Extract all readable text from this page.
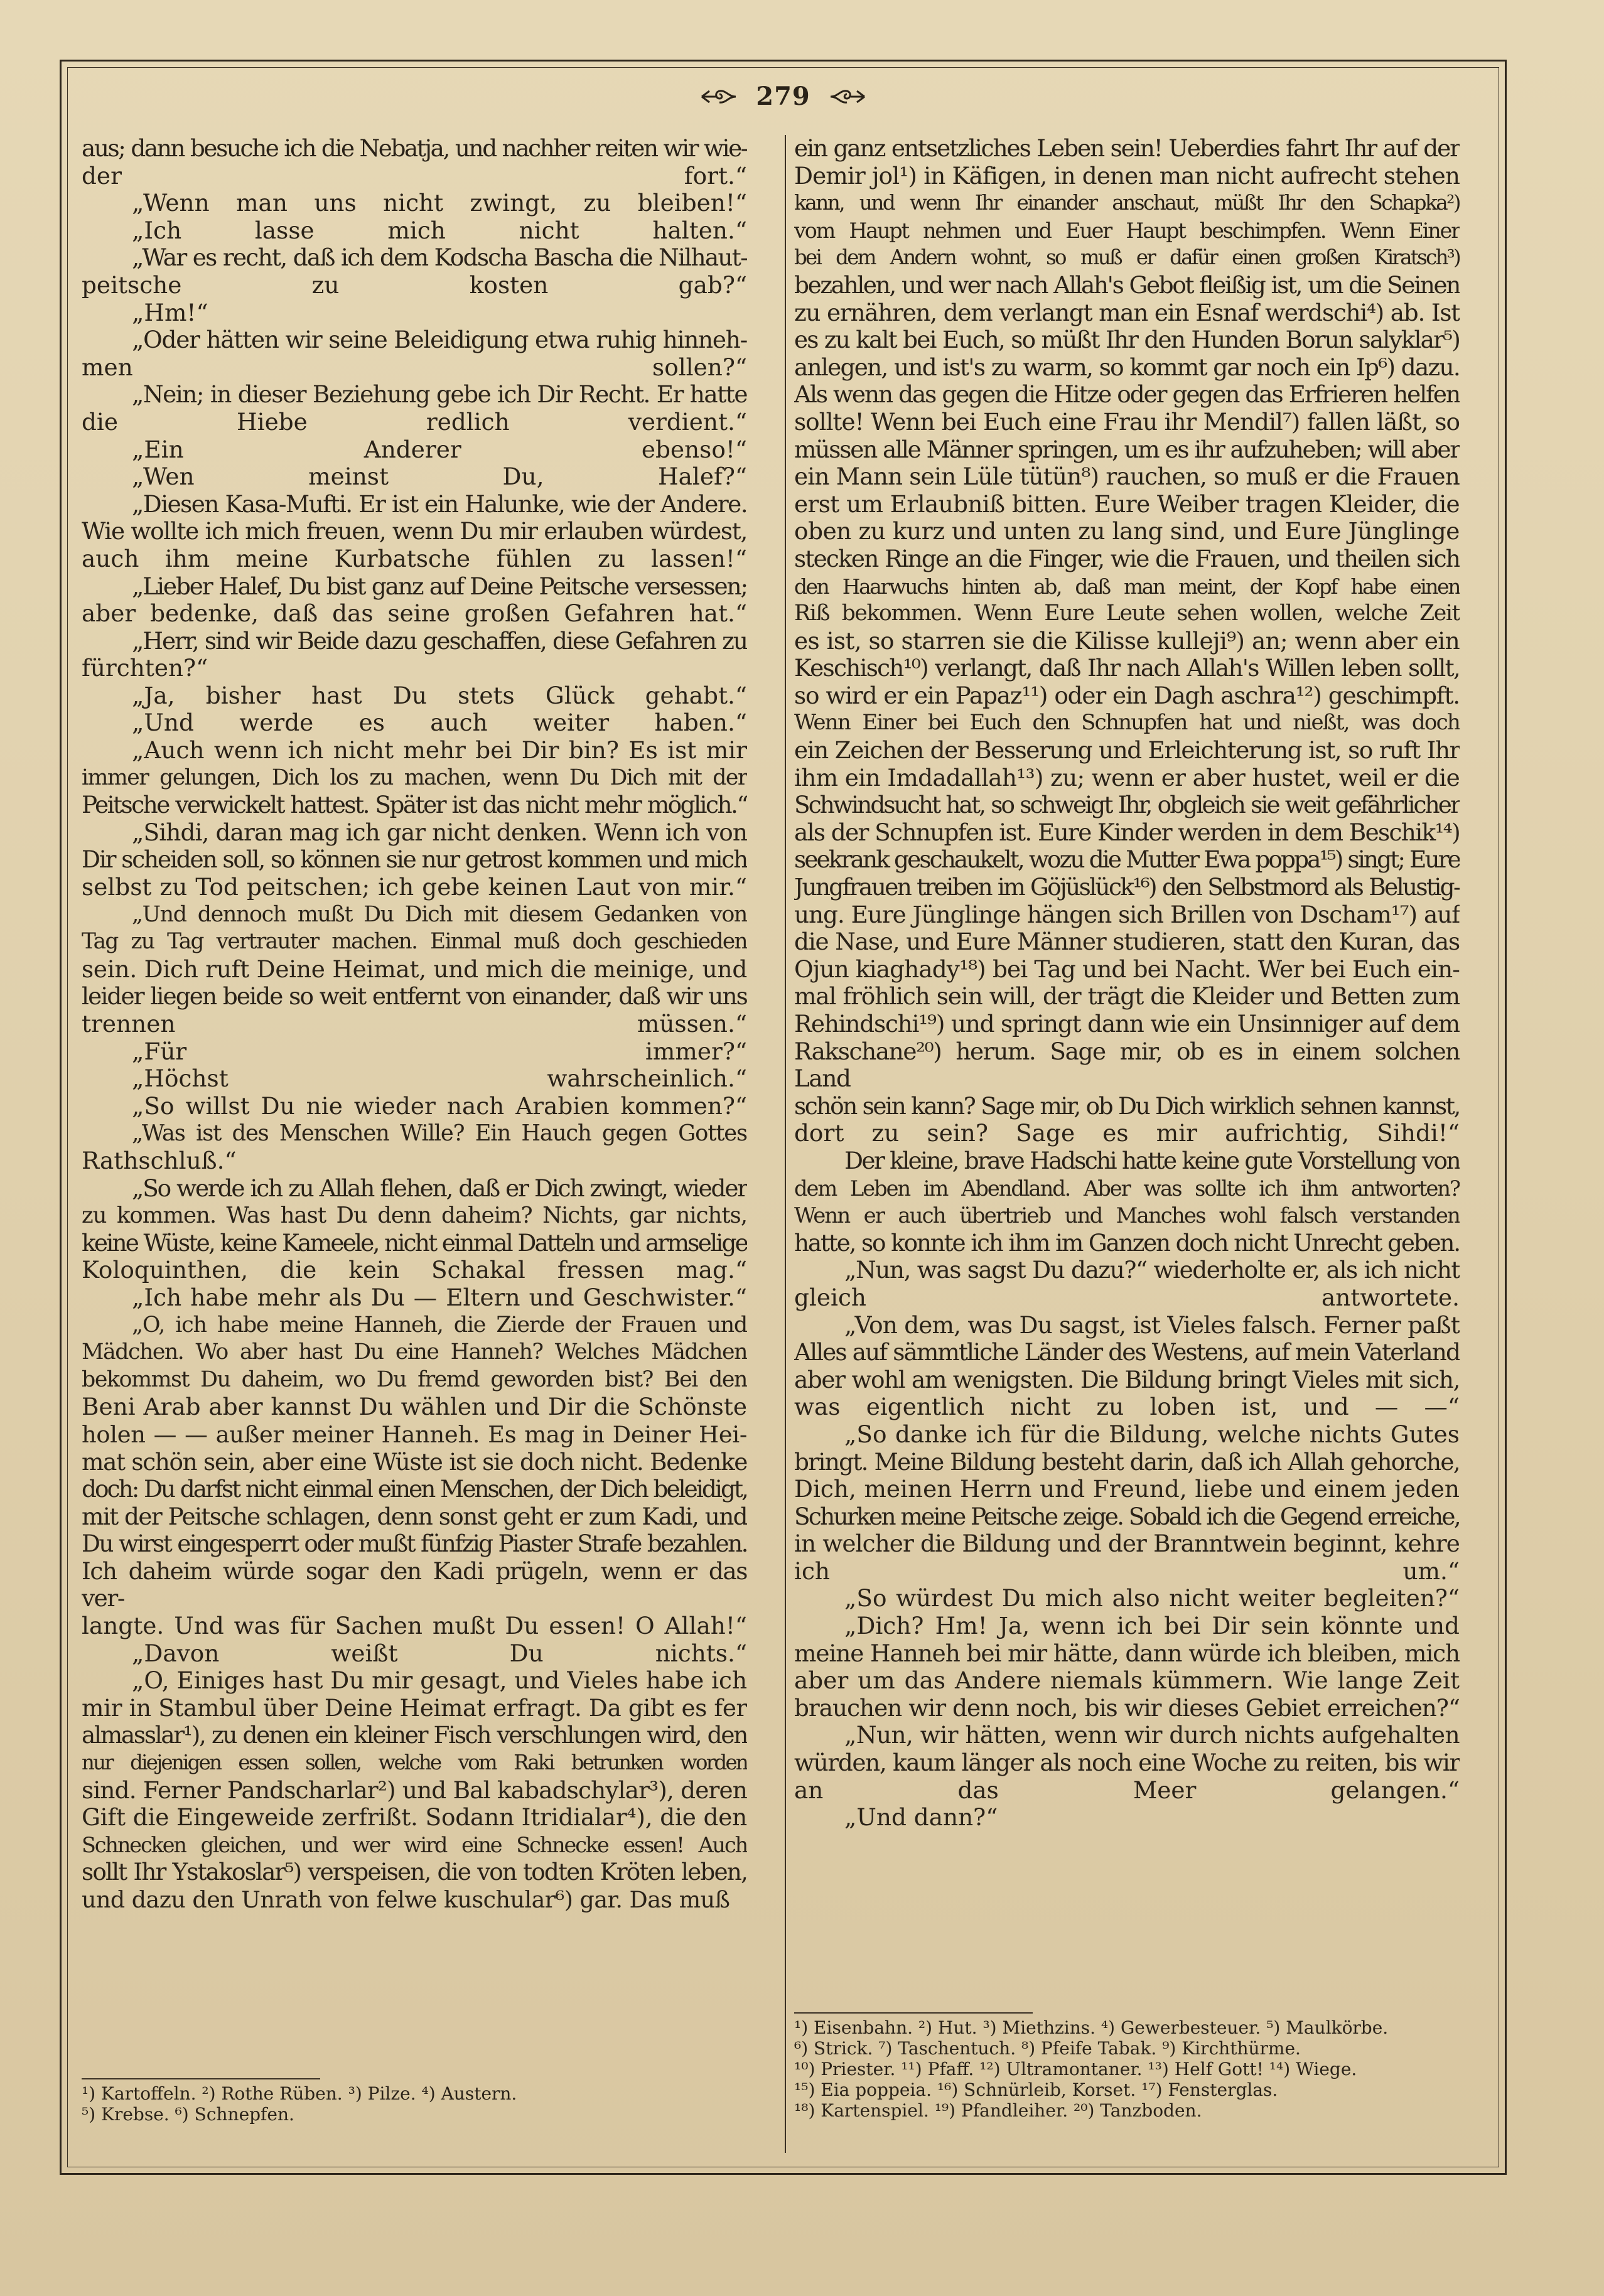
279

aus; dann besuche ich die Nebatja, und nachher reiten wir wie-

der fort.“

„Wenn man uns nicht zwingt, zu bleiben!“

„Ich lasse mich nicht halten.“

„War es recht, daß ich dem Kodscha Bascha die Nilhaut-

peitsche zu kosten gab?“

„Hm!“

„Oder hätten wir seine Beleidigung etwa ruhig hinneh-

men sollen?“

„Nein; in dieser Beziehung gebe ich Dir Recht. Er hatte

die Hiebe redlich verdient.“

„Ein Anderer ebenso!“

„Wen meinst Du, Halef?“

„Diesen Kasa-Mufti. Er ist ein Halunke, wie der Andere.

Wie wollte ich mich freuen, wenn Du mir erlauben würdest,

auch ihm meine Kurbatsche fühlen zu lassen!“

„Lieber Halef, Du bist ganz auf Deine Peitsche versessen;

aber bedenke, daß das seine großen Gefahren hat.“

„Herr, sind wir Beide dazu geschaffen, diese Gefahren zu

fürchten?“

„Ja, bisher hast Du stets Glück gehabt.“

„Und werde es auch weiter haben.“

„Auch wenn ich nicht mehr bei Dir bin? Es ist mir

immer gelungen, Dich los zu machen, wenn Du Dich mit der

Peitsche verwickelt hattest. Später ist das nicht mehr möglich.“

„Sihdi, daran mag ich gar nicht denken. Wenn ich von

Dir scheiden soll, so können sie nur getrost kommen und mich

selbst zu Tod peitschen; ich gebe keinen Laut von mir.“

„Und dennoch mußt Du Dich mit diesem Gedanken von

Tag zu Tag vertrauter machen. Einmal muß doch geschieden

sein. Dich ruft Deine Heimat, und mich die meinige, und

leider liegen beide so weit entfernt von einander, daß wir uns

trennen müssen.“

„Für immer?“

„Höchst wahrscheinlich.“

„So willst Du nie wieder nach Arabien kommen?“

„Was ist des Menschen Wille? Ein Hauch gegen Gottes

Rathschluß.“

„So werde ich zu Allah flehen, daß er Dich zwingt, wieder

zu kommen. Was hast Du denn daheim? Nichts, gar nichts,

keine Wüste, keine Kameele, nicht einmal Datteln und armselige

Koloquinthen, die kein Schakal fressen mag.“

„Ich habe mehr als Du — Eltern und Geschwister.“

„O, ich habe meine Hanneh, die Zierde der Frauen und

Mädchen. Wo aber hast Du eine Hanneh? Welches Mädchen

bekommst Du daheim, wo Du fremd geworden bist? Bei den

Beni Arab aber kannst Du wählen und Dir die Schönste

holen — — außer meiner Hanneh. Es mag in Deiner Hei-

mat schön sein, aber eine Wüste ist sie doch nicht. Bedenke

doch: Du darfst nicht einmal einen Menschen, der Dich beleidigt,

mit der Peitsche schlagen, denn sonst geht er zum Kadi, und

Du wirst eingesperrt oder mußt fünfzig Piaster Strafe bezahlen.

Ich daheim würde sogar den Kadi prügeln, wenn er das ver-

langte. Und was für Sachen mußt Du essen! O Allah!“

„Davon weißt Du nichts.“

„O, Einiges hast Du mir gesagt, und Vieles habe ich

mir in Stambul über Deine Heimat erfragt. Da gibt es fer

almasslar¹), zu denen ein kleiner Fisch verschlungen wird, den

nur diejenigen essen sollen, welche vom Raki betrunken worden

sind. Ferner Pandscharlar²) und Bal kabadschylar³), deren

Gift die Eingeweide zerfrißt. Sodann Itridialar⁴), die den

Schnecken gleichen, und wer wird eine Schnecke essen! Auch

sollt Ihr Ystakoslar⁵) verspeisen, die von todten Kröten leben,

und dazu den Unrath von felwe kuschular⁶) gar. Das muß

ein ganz entsetzliches Leben sein! Ueberdies fahrt Ihr auf der

Demir jol¹) in Käfigen, in denen man nicht aufrecht stehen

kann, und wenn Ihr einander anschaut, müßt Ihr den Schapka²)

vom Haupt nehmen und Euer Haupt beschimpfen. Wenn Einer

bei dem Andern wohnt, so muß er dafür einen großen Kiratsch³)

bezahlen, und wer nach Allah's Gebot fleißig ist, um die Seinen

zu ernähren, dem verlangt man ein Esnaf werdschi⁴) ab. Ist

es zu kalt bei Euch, so müßt Ihr den Hunden Borun salyklar⁵)

anlegen, und ist's zu warm, so kommt gar noch ein Ip⁶) dazu.

Als wenn das gegen die Hitze oder gegen das Erfrieren helfen

sollte! Wenn bei Euch eine Frau ihr Mendil⁷) fallen läßt, so

müssen alle Männer springen, um es ihr aufzuheben; will aber

ein Mann sein Lüle tütün⁸) rauchen, so muß er die Frauen

erst um Erlaubniß bitten. Eure Weiber tragen Kleider, die

oben zu kurz und unten zu lang sind, und Eure Jünglinge

stecken Ringe an die Finger, wie die Frauen, und theilen sich

den Haarwuchs hinten ab, daß man meint, der Kopf habe einen

Riß bekommen. Wenn Eure Leute sehen wollen, welche Zeit

es ist, so starren sie die Kilisse kulleji⁹) an; wenn aber ein

Keschisch¹⁰) verlangt, daß Ihr nach Allah's Willen leben sollt,

so wird er ein Papaz¹¹) oder ein Dagh aschra¹²) geschimpft.

Wenn Einer bei Euch den Schnupfen hat und nießt, was doch

ein Zeichen der Besserung und Erleichterung ist, so ruft Ihr

ihm ein Imdadallah¹³) zu; wenn er aber hustet, weil er die

Schwindsucht hat, so schweigt Ihr, obgleich sie weit gefährlicher

als der Schnupfen ist. Eure Kinder werden in dem Beschik¹⁴)

seekrank geschaukelt, wozu die Mutter Ewa poppa¹⁵) singt; Eure

Jungfrauen treiben im Göjüslück¹⁶) den Selbstmord als Belustig-

ung. Eure Jünglinge hängen sich Brillen von Dscham¹⁷) auf

die Nase, und Eure Männer studieren, statt den Kuran, das

Ojun kiaghady¹⁸) bei Tag und bei Nacht. Wer bei Euch ein-

mal fröhlich sein will, der trägt die Kleider und Betten zum

Rehindschi¹⁹) und springt dann wie ein Unsinniger auf dem

Rakschane²⁰) herum. Sage mir, ob es in einem solchen Land

schön sein kann? Sage mir, ob Du Dich wirklich sehnen kannst,

dort zu sein? Sage es mir aufrichtig, Sihdi!“

Der kleine, brave Hadschi hatte keine gute Vorstellung von

dem Leben im Abendland. Aber was sollte ich ihm antworten?

Wenn er auch übertrieb und Manches wohl falsch verstanden

hatte, so konnte ich ihm im Ganzen doch nicht Unrecht geben.

„Nun, was sagst Du dazu?“ wiederholte er, als ich nicht

gleich antwortete.

„Von dem, was Du sagst, ist Vieles falsch. Ferner paßt

Alles auf sämmtliche Länder des Westens, auf mein Vaterland

aber wohl am wenigsten. Die Bildung bringt Vieles mit sich,

was eigentlich nicht zu loben ist, und — —“

„So danke ich für die Bildung, welche nichts Gutes

bringt. Meine Bildung besteht darin, daß ich Allah gehorche,

Dich, meinen Herrn und Freund, liebe und einem jeden

Schurken meine Peitsche zeige. Sobald ich die Gegend erreiche,

in welcher die Bildung und der Branntwein beginnt, kehre

ich um.“

„So würdest Du mich also nicht weiter begleiten?“

„Dich? Hm! Ja, wenn ich bei Dir sein könnte und

meine Hanneh bei mir hätte, dann würde ich bleiben, mich

aber um das Andere niemals kümmern. Wie lange Zeit

brauchen wir denn noch, bis wir dieses Gebiet erreichen?“

„Nun, wir hätten, wenn wir durch nichts aufgehalten

würden, kaum länger als noch eine Woche zu reiten, bis wir

an das Meer gelangen.“

„Und dann?“

¹) Kartoffeln. ²) Rothe Rüben. ³) Pilze. ⁴) Austern.

⁵) Krebse. ⁶) Schnepfen.

¹) Eisenbahn. ²) Hut. ³) Miethzins. ⁴) Gewerbesteuer. ⁵) Maulkörbe.

⁶) Strick. ⁷) Taschentuch. ⁸) Pfeife Tabak. ⁹) Kirchthürme.

¹⁰) Priester. ¹¹) Pfaff. ¹²) Ultramontaner. ¹³) Helf Gott! ¹⁴) Wiege.

¹⁵) Eia poppeia. ¹⁶) Schnürleib, Korset. ¹⁷) Fensterglas.

¹⁸) Kartenspiel. ¹⁹) Pfandleiher. ²⁰) Tanzboden.
